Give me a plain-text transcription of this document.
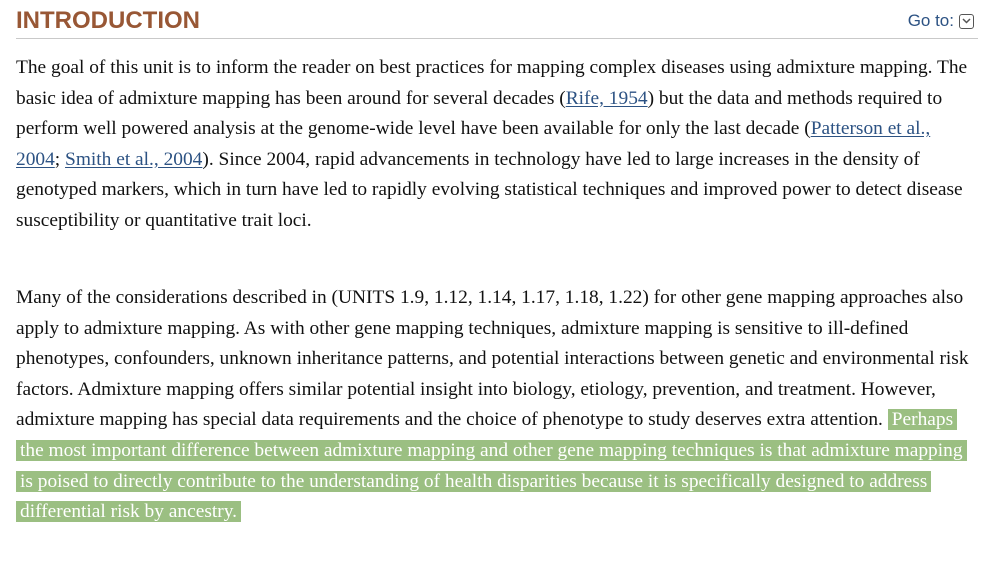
INTRODUCTION	Go to:

The goal of this unit is to inform the reader on best practices for mapping complex diseases using admixture mapping. The basic idea of admixture mapping has been around for several decades (Rife, 1954) but the data and methods required to perform well powered analysis at the genome-wide level have been available for only the last decade (Patterson et al., 2004; Smith et al., 2004). Since 2004, rapid advancements in technology have led to large increases in the density of genotyped markers, which in turn have led to rapidly evolving statistical techniques and improved power to detect disease susceptibility or quantitative trait loci.

Many of the considerations described in (UNITS 1.9, 1.12, 1.14, 1.17, 1.18, 1.22) for other gene mapping approaches also apply to admixture mapping. As with other gene mapping techniques, admixture mapping is sensitive to ill-defined phenotypes, confounders, unknown inheritance patterns, and potential interactions between genetic and environmental risk factors. Admixture mapping offers similar potential insight into biology, etiology, prevention, and treatment. However, admixture mapping has special data requirements and the choice of phenotype to study deserves extra attention. Perhaps the most important difference between admixture mapping and other gene mapping techniques is that admixture mapping is poised to directly contribute to the understanding of health disparities because it is specifically designed to address differential risk by ancestry.
